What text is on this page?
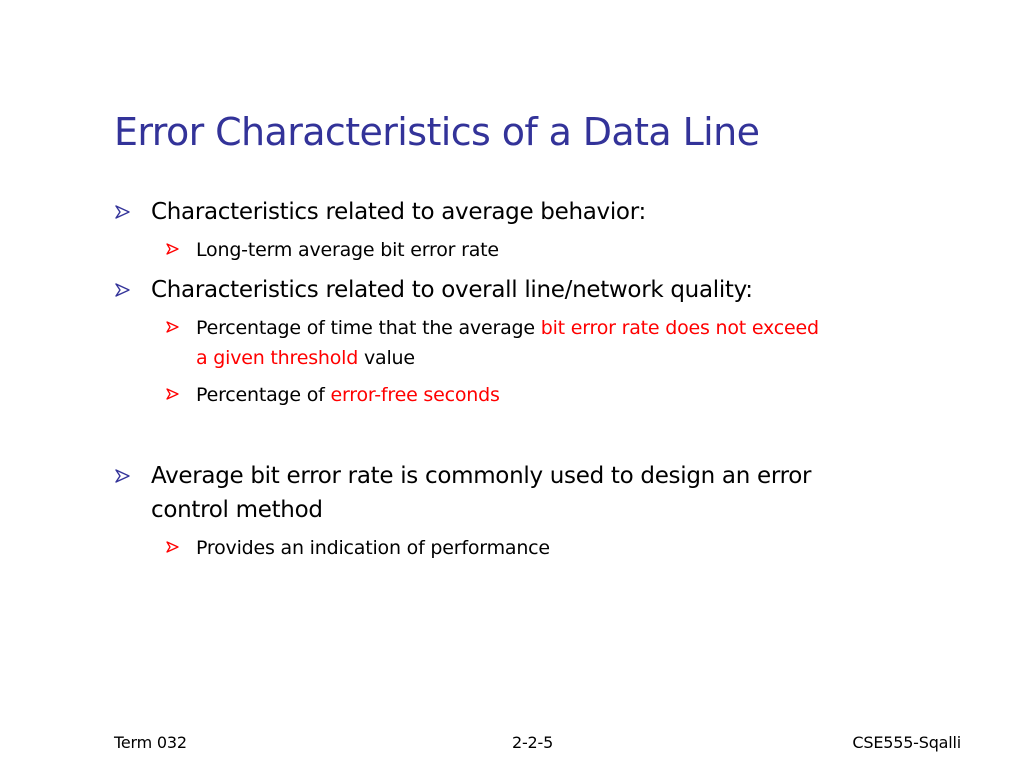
Error Characteristics of a Data Line
Characteristics related to average behavior:
Long-term average bit error rate
Characteristics related to overall line/network quality:
Percentage of time that the average bit error rate does not exceed
a given threshold value
Percentage of error-free seconds
Average bit error rate is commonly used to design an error
control method
Provides an indication of performance
Term 032	2-2-5	CSE555-Sqalli
